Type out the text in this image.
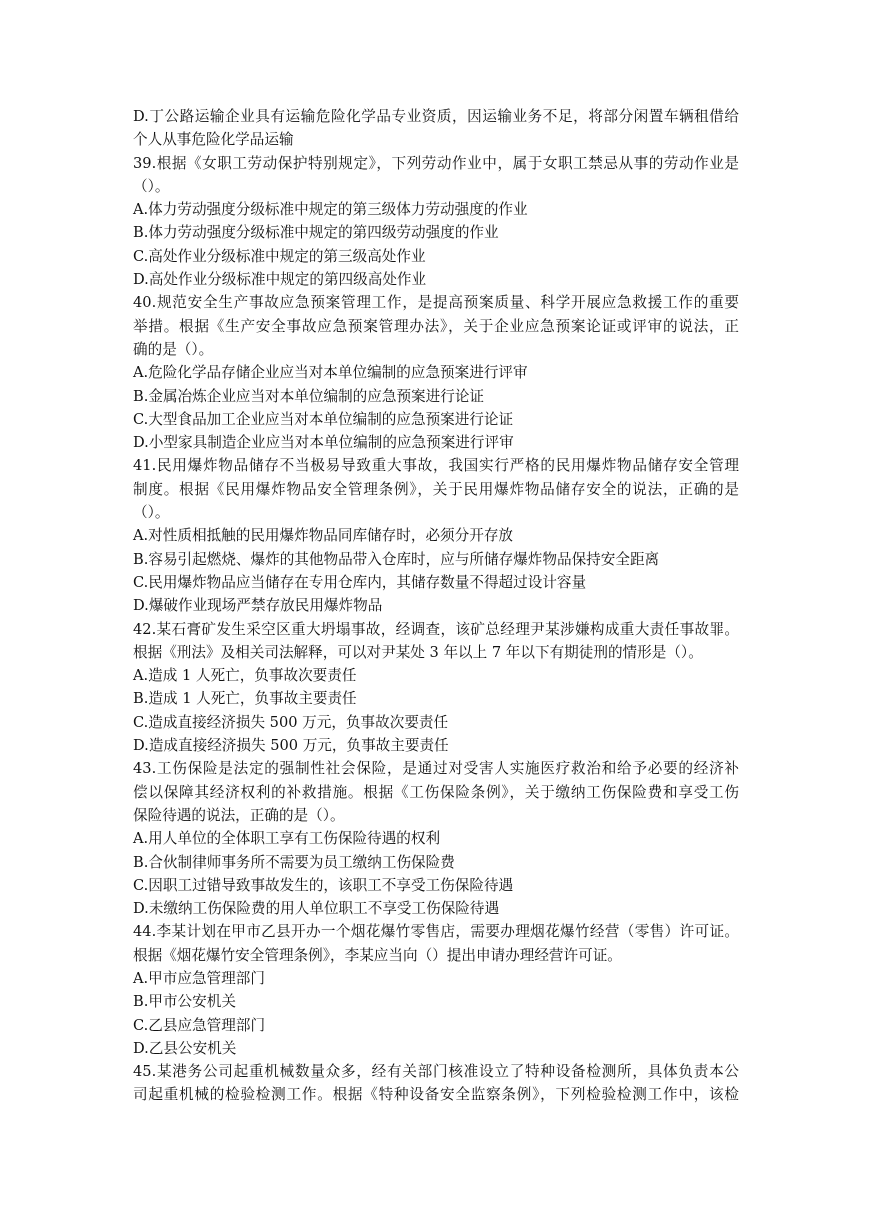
D.丁公路运输企业具有运输危险化学品专业资质，因运输业务不足，将部分闲置车辆租借给
个人从事危险化学品运输
39.根据《女职工劳动保护特别规定》，下列劳动作业中，属于女职工禁忌从事的劳动作业是
（）。
A.体力劳动强度分级标准中规定的第三级体力劳动强度的作业
B.体力劳动强度分级标准中规定的第四级劳动强度的作业
C.高处作业分级标准中规定的第三级高处作业
D.高处作业分级标准中规定的第四级高处作业
40.规范安全生产事故应急预案管理工作，是提高预案质量、科学开展应急救援工作的重要
举措。根据《生产安全事故应急预案管理办法》，关于企业应急预案论证或评审的说法，正
确的是（）。
A.危险化学品存储企业应当对本单位编制的应急预案进行评审
B.金属冶炼企业应当对本单位编制的应急预案进行论证
C.大型食品加工企业应当对本单位编制的应急预案进行论证
D.小型家具制造企业应当对本单位编制的应急预案进行评审
41.民用爆炸物品储存不当极易导致重大事故，我国实行严格的民用爆炸物品储存安全管理
制度。根据《民用爆炸物品安全管理条例》，关于民用爆炸物品储存安全的说法，正确的是
（）。
A.对性质相抵触的民用爆炸物品同库储存时，必须分开存放
B.容易引起燃烧、爆炸的其他物品带入仓库时，应与所储存爆炸物品保持安全距离
C.民用爆炸物品应当储存在专用仓库内，其储存数量不得超过设计容量
D.爆破作业现场严禁存放民用爆炸物品
42.某石膏矿发生采空区重大坍塌事故，经调查，该矿总经理尹某涉嫌构成重大责任事故罪。
根据《刑法》及相关司法解释，可以对尹某处 3 年以上 7 年以下有期徒刑的情形是（）。
A.造成 1 人死亡，负事故次要责任
B.造成 1 人死亡，负事故主要责任
C.造成直接经济损失 500 万元，负事故次要责任
D.造成直接经济损失 500 万元，负事故主要责任
43.工伤保险是法定的强制性社会保险，是通过对受害人实施医疗救治和给予必要的经济补
偿以保障其经济权利的补救措施。根据《工伤保险条例》，关于缴纳工伤保险费和享受工伤
保险待遇的说法，正确的是（）。
A.用人单位的全体职工享有工伤保险待遇的权利
B.合伙制律师事务所不需要为员工缴纳工伤保险费
C.因职工过错导致事故发生的，该职工不享受工伤保险待遇
D.未缴纳工伤保险费的用人单位职工不享受工伤保险待遇
44.李某计划在甲市乙县开办一个烟花爆竹零售店，需要办理烟花爆竹经营（零售）许可证。
根据《烟花爆竹安全管理条例》，李某应当向（）提出申请办理经营许可证。
A.甲市应急管理部门
B.甲市公安机关
C.乙县应急管理部门
D.乙县公安机关
45.某港务公司起重机械数量众多，经有关部门核准设立了特种设备检测所，具体负责本公
司起重机械的检验检测工作。根据《特种设备安全监察条例》，下列检验检测工作中，该检
